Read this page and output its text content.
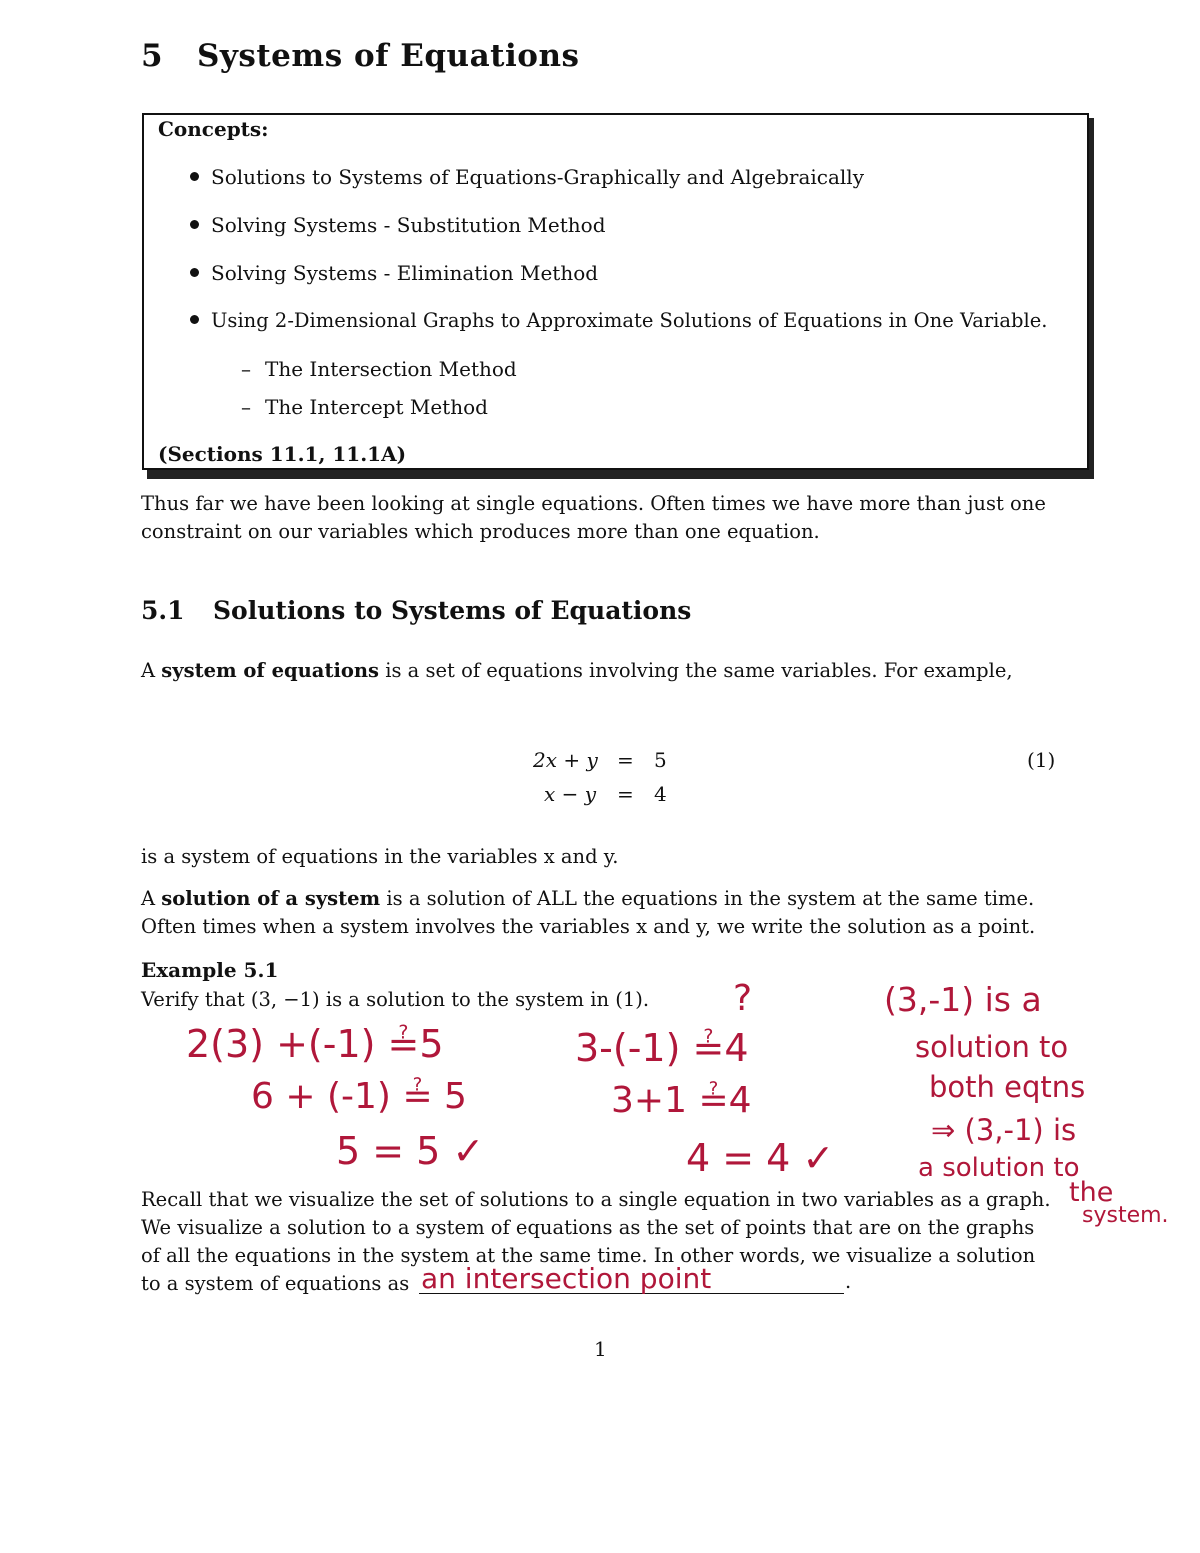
5 Systems of Equations
Concepts:
Solutions to Systems of Equations-Graphically and Algebraically
Solving Systems - Substitution Method
Solving Systems - Elimination Method
Using 2-Dimensional Graphs to Approximate Solutions of Equations in One Variable.
– The Intersection Method
– The Intercept Method
(Sections 11.1, 11.1A)
Thus far we have been looking at single equations. Often times we have more than just one
constraint on our variables which produces more than one equation.
5.1 Solutions to Systems of Equations
A system of equations is a set of equations involving the same variables. For example,
2x + y = 5
x − y = 4
(1)
is a system of equations in the variables x and y.
A solution of a system is a solution of ALL the equations in the system at the same time.
Often times when a system involves the variables x and y, we write the solution as a point.
Example 5.1
Verify that (3, −1) is a solution to the system in (1).
2(3) +(-1) ≟5
6 + (-1) ≟ 5
5 = 5 ✓
?
3-(-1) ≟4
3+1 ≟4
4 = 4 ✓
(3,-1) is a
solution to
both eqtns
⇒ (3,-1) is
a solution to
the
system.
Recall that we visualize the set of solutions to a single equation in two variables as a graph.
We visualize a solution to a system of equations as the set of points that are on the graphs
of all the equations in the system at the same time. In other words, we visualize a solution
to a system of equations as	.
an intersection point
1
